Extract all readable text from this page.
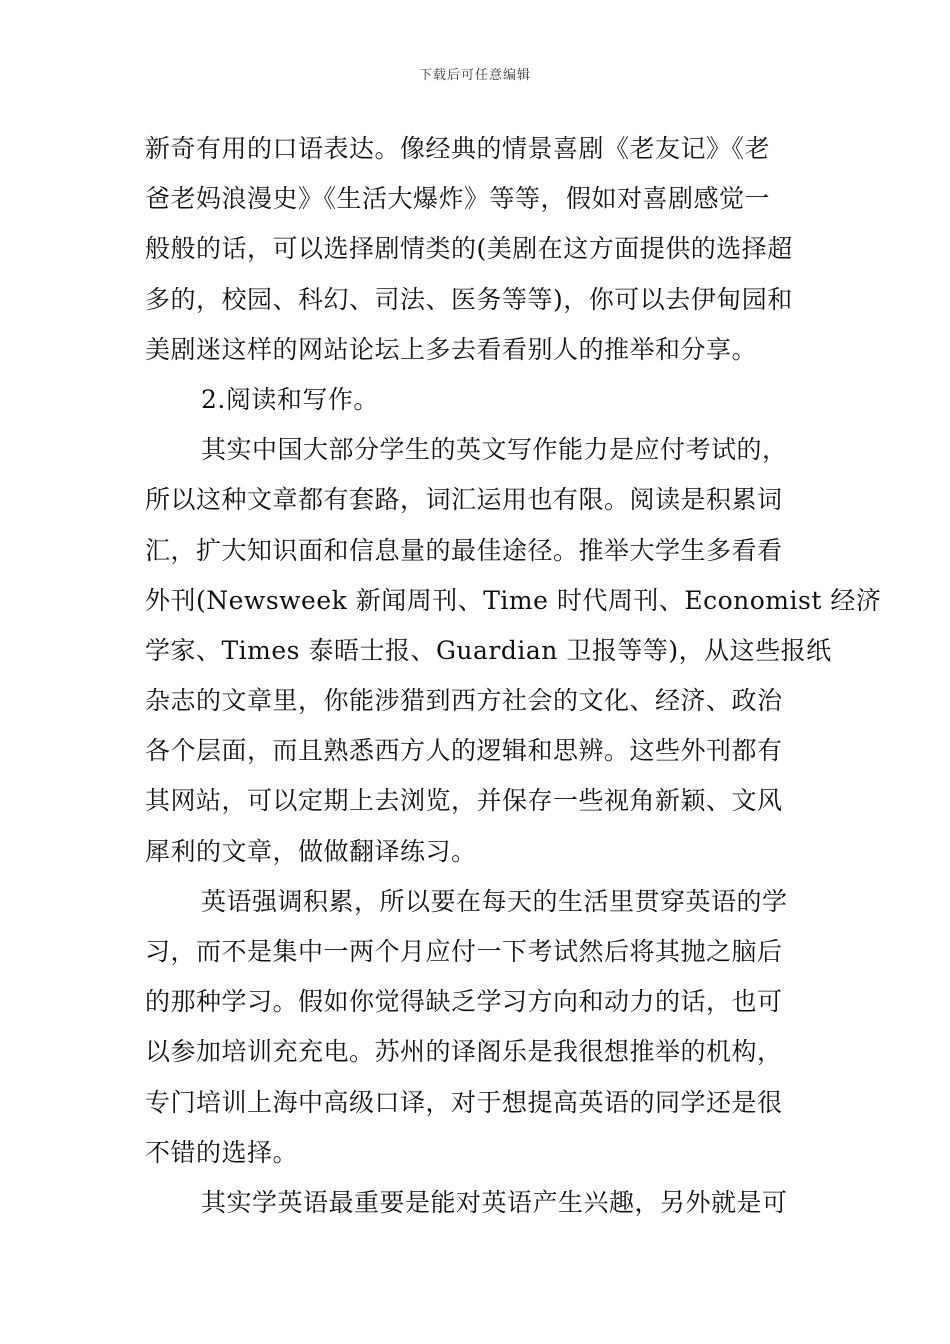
下载后可任意编辑
新奇有用的口语表达。像经典的情景喜剧《老友记》《老
爸老妈浪漫史》《生活大爆炸》等等，假如对喜剧感觉一
般般的话，可以选择剧情类的(美剧在这方面提供的选择超
多的，校园、科幻、司法、医务等等)，你可以去伊甸园和
美剧迷这样的网站论坛上多去看看别人的推举和分享。
2.阅读和写作。
其实中国大部分学生的英文写作能力是应付考试的，
所以这种文章都有套路，词汇运用也有限。阅读是积累词
汇，扩大知识面和信息量的最佳途径。推举大学生多看看
外刊(Newsweek 新闻周刊、Time 时代周刊、Economist 经济
学家、Times 泰晤士报、Guardian 卫报等等)，从这些报纸
杂志的文章里，你能涉猎到西方社会的文化、经济、政治
各个层面，而且熟悉西方人的逻辑和思辨。这些外刊都有
其网站，可以定期上去浏览，并保存一些视角新颖、文风
犀利的文章，做做翻译练习。
英语强调积累，所以要在每天的生活里贯穿英语的学
习，而不是集中一两个月应付一下考试然后将其抛之脑后
的那种学习。假如你觉得缺乏学习方向和动力的话，也可
以参加培训充充电。苏州的译阁乐是我很想推举的机构，
专门培训上海中高级口译，对于想提高英语的同学还是很
不错的选择。
其实学英语最重要是能对英语产生兴趣，另外就是可
